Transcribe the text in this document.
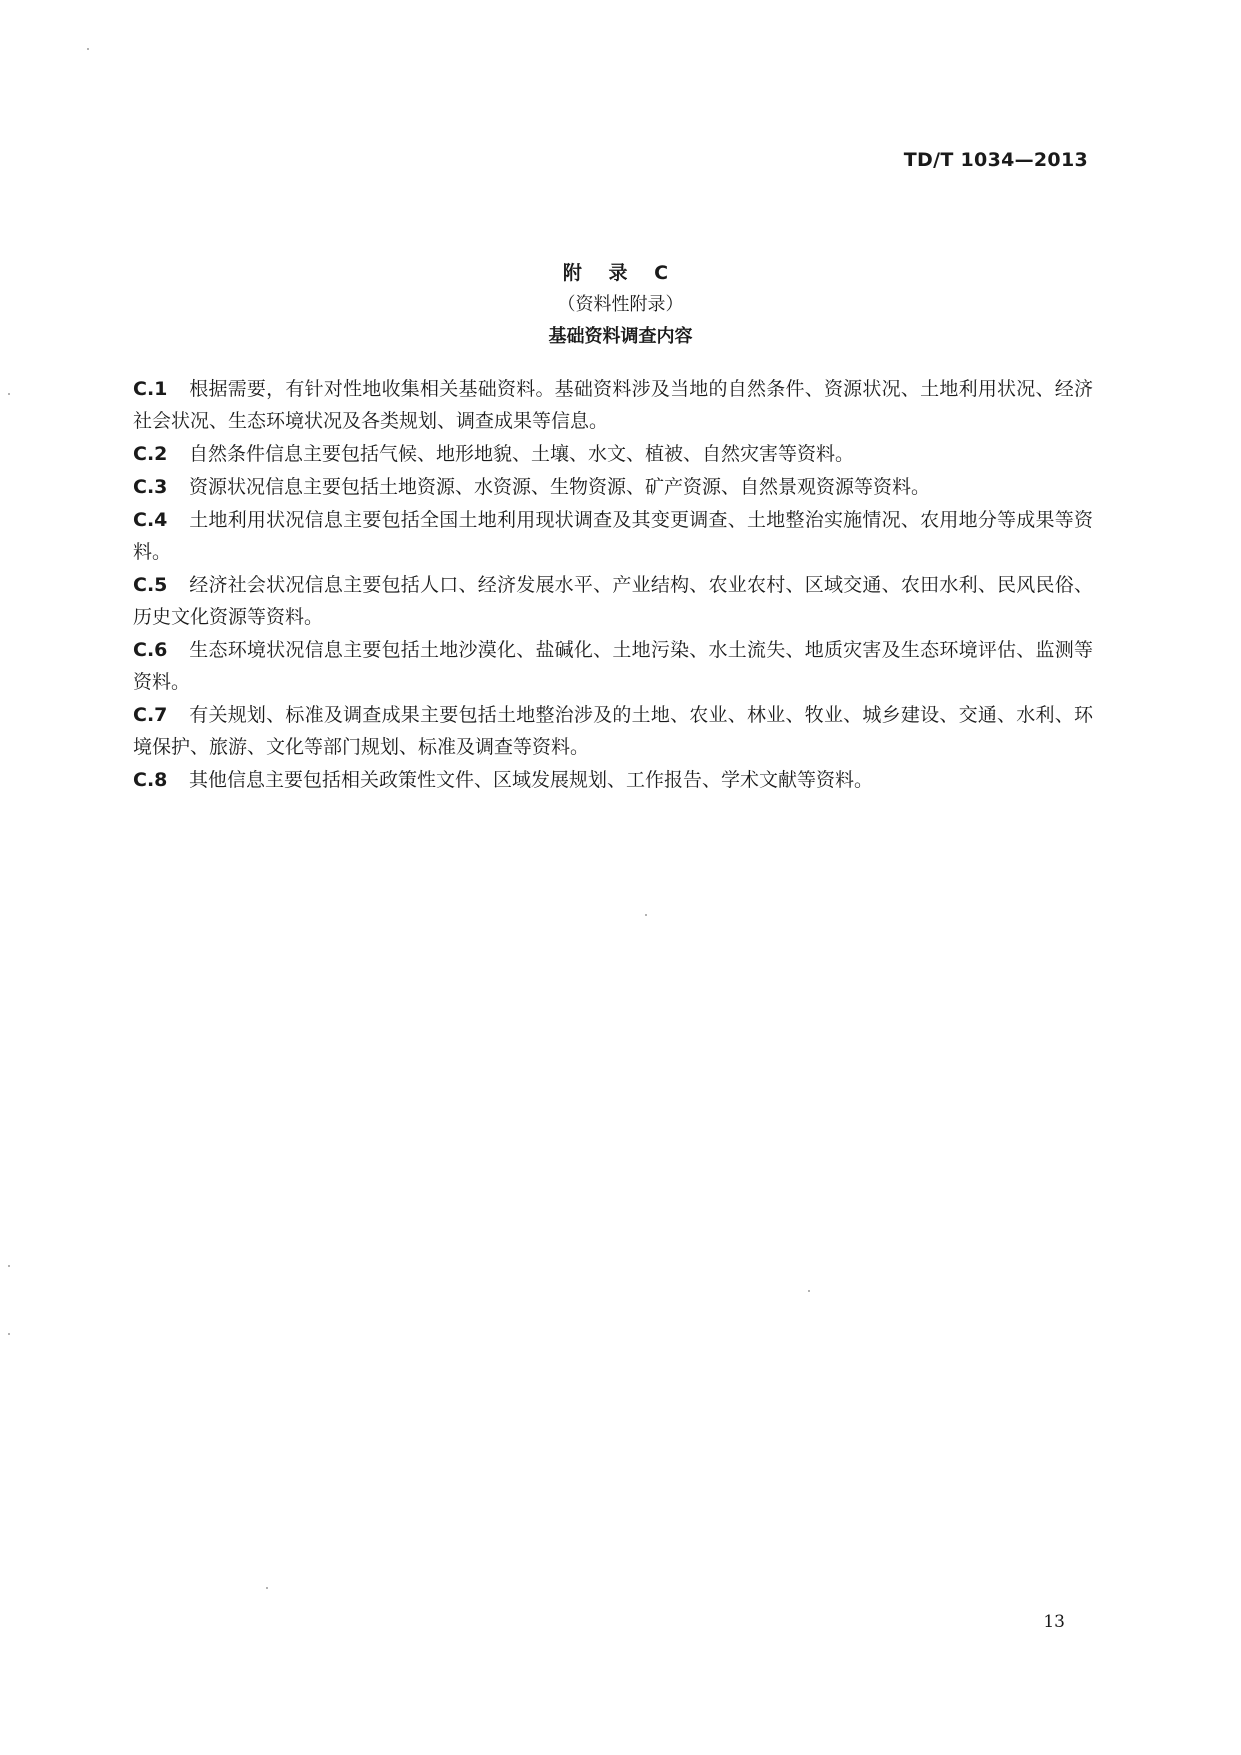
TD/T 1034—2013
附 录 C
（资料性附录）
基础资料调查内容

C.1 根据需要，有针对性地收集相关基础资料。基础资料涉及当地的自然条件、资源状况、土地利用状况、经济社会状况、生态环境状况及各类规划、调查成果等信息。

C.2 自然条件信息主要包括气候、地形地貌、土壤、水文、植被、自然灾害等资料。

C.3 资源状况信息主要包括土地资源、水资源、生物资源、矿产资源、自然景观资源等资料。

C.4 土地利用状况信息主要包括全国土地利用现状调查及其变更调查、土地整治实施情况、农用地分等成果等资料。

C.5 经济社会状况信息主要包括人口、经济发展水平、产业结构、农业农村、区域交通、农田水利、民风民俗、历史文化资源等资料。

C.6 生态环境状况信息主要包括土地沙漠化、盐碱化、土地污染、水土流失、地质灾害及生态环境评估、监测等资料。

C.7 有关规划、标准及调查成果主要包括土地整治涉及的土地、农业、林业、牧业、城乡建设、交通、水利、环境保护、旅游、文化等部门规划、标准及调查等资料。

C.8 其他信息主要包括相关政策性文件、区域发展规划、工作报告、学术文献等资料。

13
